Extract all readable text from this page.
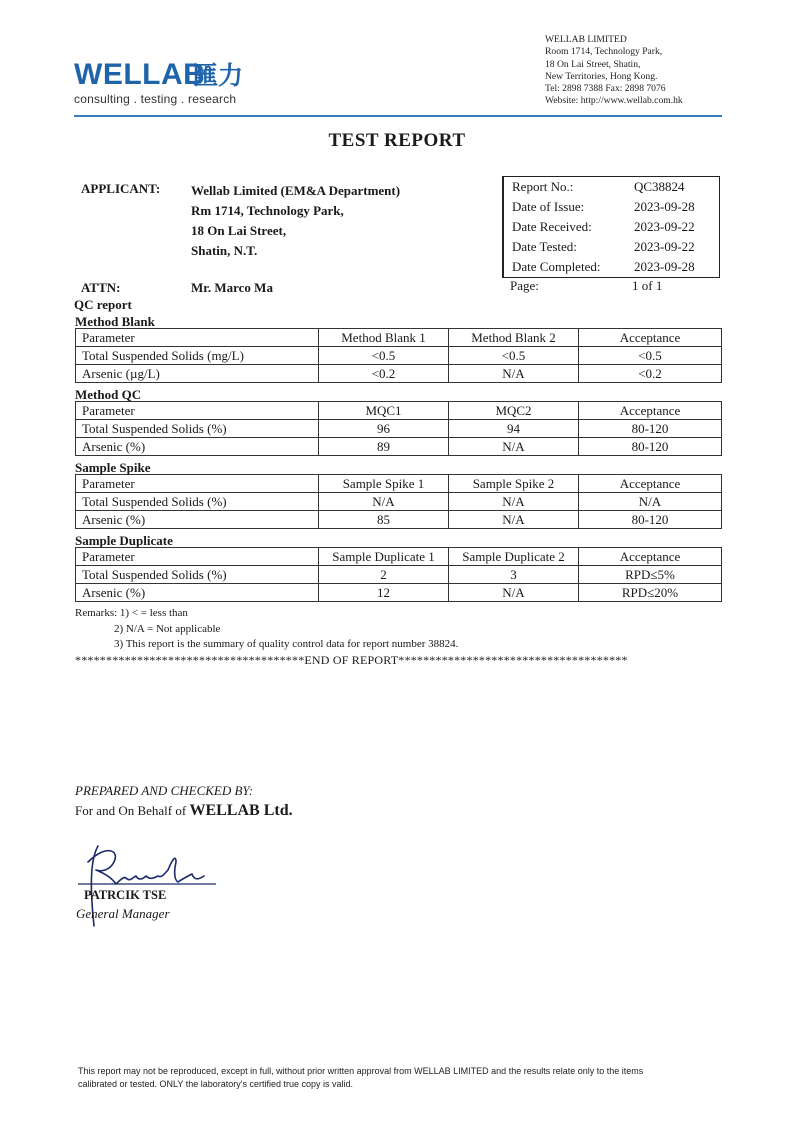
WELLAB
匯力
consulting . testing . research
WELLAB LIMITED
Room 1714, Technology Park,
18 On Lai Street, Shatin,
New Territories, Hong Kong.
Tel: 2898 7388 Fax: 2898 7076
Website: http://www.wellab.com.hk
TEST REPORT
APPLICANT: Wellab Limited (EM&A Department)
Rm 1714, Technology Park,
18 On Lai Street,
Shatin, N.T.
ATTN:	Mr. Marco Ma
Report No.:	QC38824
Date of Issue:	2023-09-28
Date Received:	2023-09-22
Date Tested:	2023-09-22
Date Completed:	2023-09-28
Page:	1 of 1
QC report
Method Blank
Parameter	Method Blank 1	Method Blank 2	Acceptance
Total Suspended Solids (mg/L)	<0.5	<0.5	<0.5
Arsenic (µg/L)	<0.2	N/A	<0.2
Method QC
Parameter	MQC1	MQC2	Acceptance
Total Suspended Solids (%)	96	94	80-120
Arsenic (%)	89	N/A	80-120
Sample Spike
Parameter	Sample Spike 1	Sample Spike 2	Acceptance
Total Suspended Solids (%)	N/A	N/A	N/A
Arsenic (%)	85	N/A	80-120
Sample Duplicate
Parameter	Sample Duplicate 1	Sample Duplicate 2	Acceptance
Total Suspended Solids (%)	2	3	RPD≤5%
Arsenic (%)	12	N/A	RPD≤20%
Remarks: 1) < = less than
2) N/A = Not applicable
3) This report is the summary of quality control data for report number 38824.
*************************************END OF REPORT*************************************
PREPARED AND CHECKED BY:
For and On Behalf of WELLAB Ltd.
PATRCIK TSE
General Manager
This report may not be reproduced, except in full, without prior written approval from WELLAB LIMITED and the results relate only to the items
calibrated or tested. ONLY the laboratory's certified true copy is valid.
